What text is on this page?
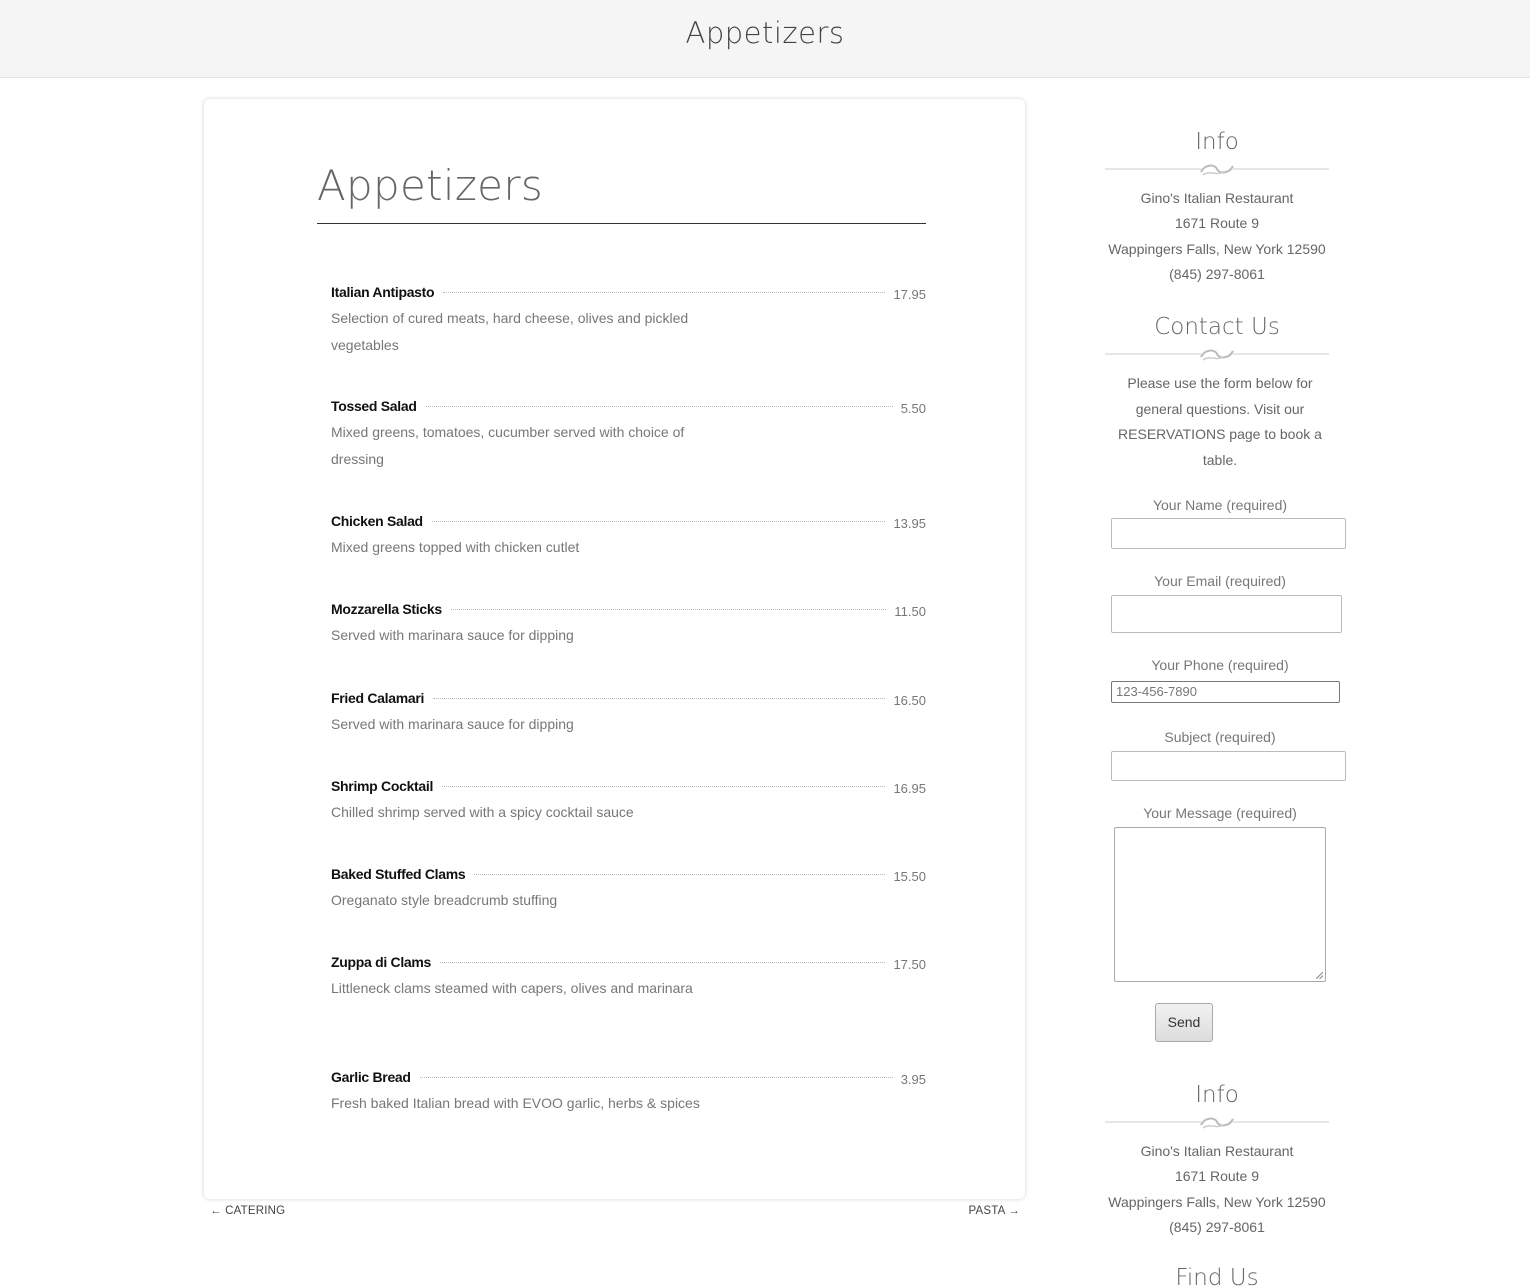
Appetizers
Appetizers
Italian Antipasto	17.95
Selection of cured meats, hard cheese, olives and pickled vegetables
Tossed Salad	5.50
Mixed greens, tomatoes, cucumber served with choice of dressing
Chicken Salad	13.95
Mixed greens topped with chicken cutlet
Mozzarella Sticks	11.50
Served with marinara sauce for dipping
Fried Calamari	16.50
Served with marinara sauce for dipping
Shrimp Cocktail	16.95
Chilled shrimp served with a spicy cocktail sauce
Baked Stuffed Clams	15.50
Oreganato style breadcrumb stuffing
Zuppa di Clams	17.50
Littleneck clams steamed with capers, olives and marinara
Garlic Bread	3.95
Fresh baked Italian bread with EVOO garlic, herbs & spices
← CATERING	PASTA →
Info
Gino's Italian Restaurant
1671 Route 9
Wappingers Falls, New York 12590
(845) 297-8061
Contact Us
Please use the form below for general questions. Visit our RESERVATIONS page to book a table.
Your Name (required)
Your Email (required)
Your Phone (required)
123-456-7890
Subject (required)
Your Message (required)
Send
Info
Gino's Italian Restaurant
1671 Route 9
Wappingers Falls, New York 12590
(845) 297-8061
Find Us
